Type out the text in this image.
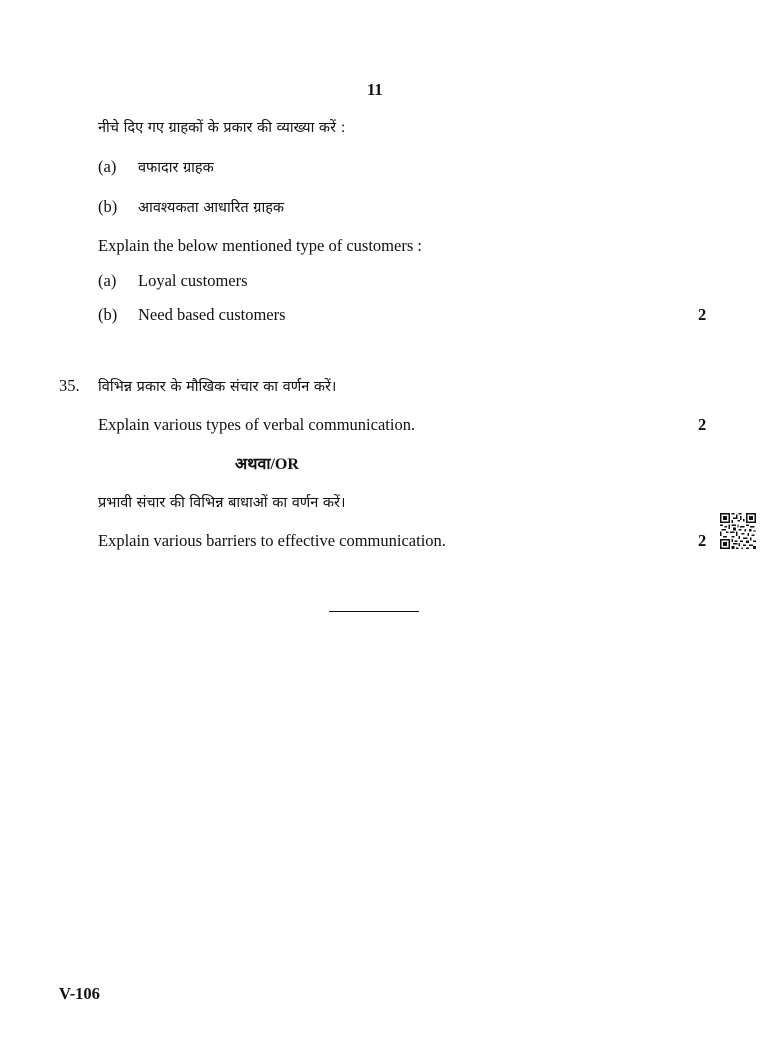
11
नीचे दिए गए ग्राहकों के प्रकार की व्याख्या करें :
(a) वफादार ग्राहक
(b) आवश्यकता आधारित ग्राहक
Explain the below mentioned type of customers :
(a) Loyal customers
(b) Need based customers	2
35. विभिन्न प्रकार के मौखिक संचार का वर्णन करें।
Explain various types of verbal communication.	2
अथवा/OR
प्रभावी संचार की विभिन्न बाधाओं का वर्णन करें।
Explain various barriers to effective communication.	2
V-106
